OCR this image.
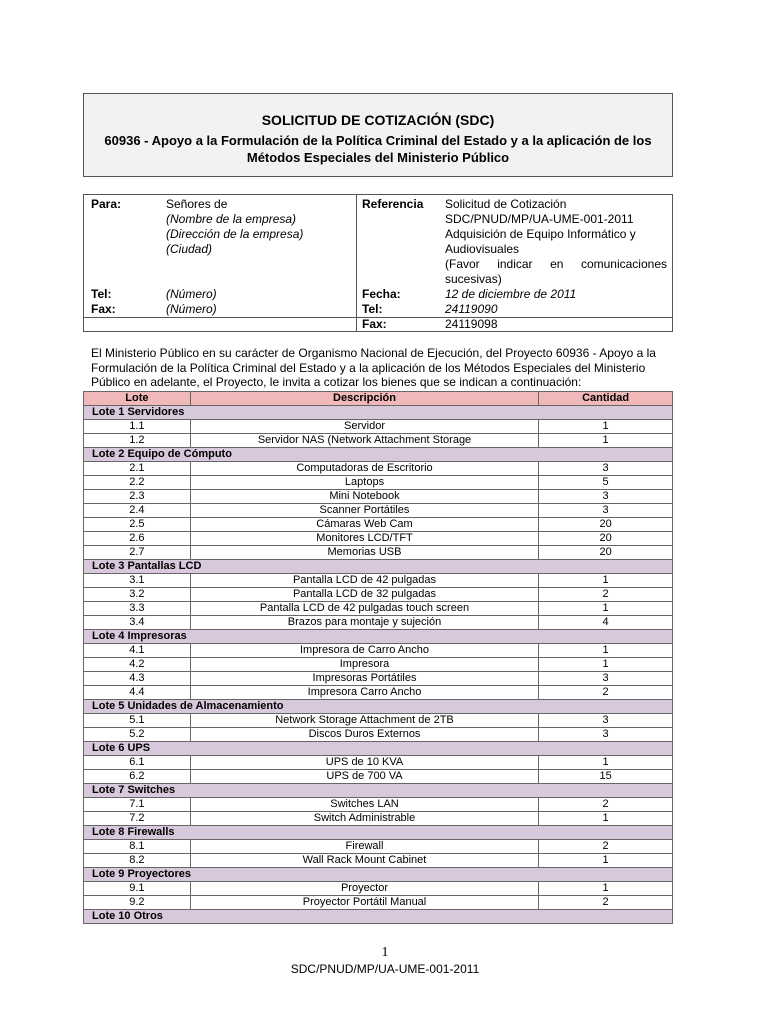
SOLICITUD DE COTIZACIÓN (SDC)
60936 - Apoyo a la Formulación de la Política Criminal del Estado y a la aplicación de los Métodos Especiales del Ministerio Público
Para:	Señores de
(Nombre de la empresa)
(Dirección de la empresa)
(Ciudad)
Tel:	(Número)
Fax:	(Número)
Referencia Solicitud de Cotización
SDC/PNUD/MP/UA-UME-001-2011
Adquisición de Equipo Informático y
Audiovisuales
(Favor indicar en comunicaciones
sucesivas)
Fecha:	12 de diciembre de 2011
Tel:	24119090
Fax:	24119098
El Ministerio Público en su carácter de Organismo Nacional de Ejecución, del Proyecto 60936 - Apoyo a la Formulación de la Política Criminal del Estado y a la aplicación de los Métodos Especiales del Ministerio Público en adelante, el Proyecto, le invita a cotizar los bienes que se indican a continuación:
Lote	Descripción	Cantidad
Lote 1 Servidores		
1.1	Servidor	1
1.2	Servidor NAS (Network Attachment Storage	1
Lote 2 Equipo de Cómputo		
2.1	Computadoras de Escritorio	3
2.2	Laptops	5
2.3	Mini Notebook	3
2.4	Scanner Portátiles	3
2.5	Cámaras Web Cam	20
2.6	Monitores LCD/TFT	20
2.7	Memorias USB	20
Lote 3 Pantallas LCD		
3.1	Pantalla LCD de 42 pulgadas	1
3.2	Pantalla LCD de 32 pulgadas	2
3.3	Pantalla LCD de 42 pulgadas touch screen	1
3.4	Brazos para montaje y sujeción	4
Lote 4 Impresoras		
4.1	Impresora de Carro Ancho	1
4.2	Impresora	1
4.3	Impresoras Portátiles	3
4.4	Impresora Carro Ancho	2
Lote 5 Unidades de Almacenamiento		
5.1	Network Storage Attachment de 2TB	3
5.2	Discos Duros Externos	3
Lote 6 UPS		
6.1	UPS de 10 KVA	1
6.2	UPS de 700 VA	15
Lote 7 Switches		
7.1	Switches LAN	2
7.2	Switch Administrable	1
Lote 8 Firewalls		
8.1	Firewall	2
8.2	Wall Rack Mount Cabinet	1
Lote 9 Proyectores		
9.1	Proyector	1
9.2	Proyector Portátil Manual	2
Lote 10 Otros		
1
SDC/PNUD/MP/UA-UME-001-2011
